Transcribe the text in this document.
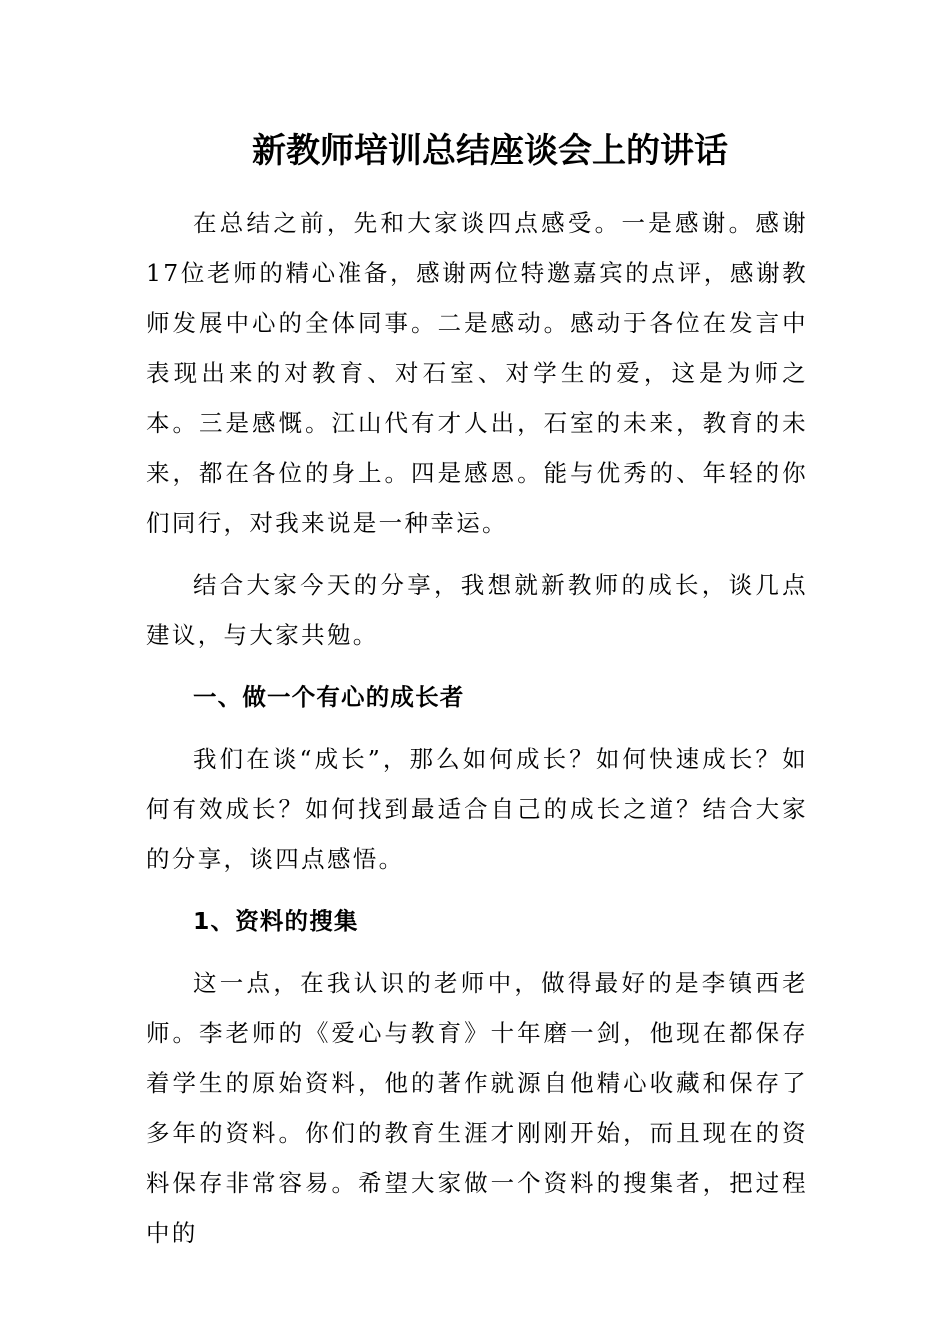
新教师培训总结座谈会上的讲话

在总结之前，先和大家谈四点感受。一是感谢。感谢17位老师的精心准备，感谢两位特邀嘉宾的点评，感谢教师发展中心的全体同事。二是感动。感动于各位在发言中表现出来的对教育、对石室、对学生的爱，这是为师之本。三是感慨。江山代有才人出，石室的未来，教育的未来，都在各位的身上。四是感恩。能与优秀的、年轻的你们同行，对我来说是一种幸运。

结合大家今天的分享，我想就新教师的成长，谈几点建议，与大家共勉。

一、做一个有心的成长者

我们在谈“成长”，那么如何成长？如何快速成长？如何有效成长？如何找到最适合自己的成长之道？结合大家的分享，谈四点感悟。

1、资料的搜集

这一点，在我认识的老师中，做得最好的是李镇西老师。李老师的《爱心与教育》十年磨一剑，他现在都保存着学生的原始资料，他的著作就源自他精心收藏和保存了多年的资料。你们的教育生涯才刚刚开始，而且现在的资料保存非常容易。希望大家做一个资料的搜集者，把过程中的
